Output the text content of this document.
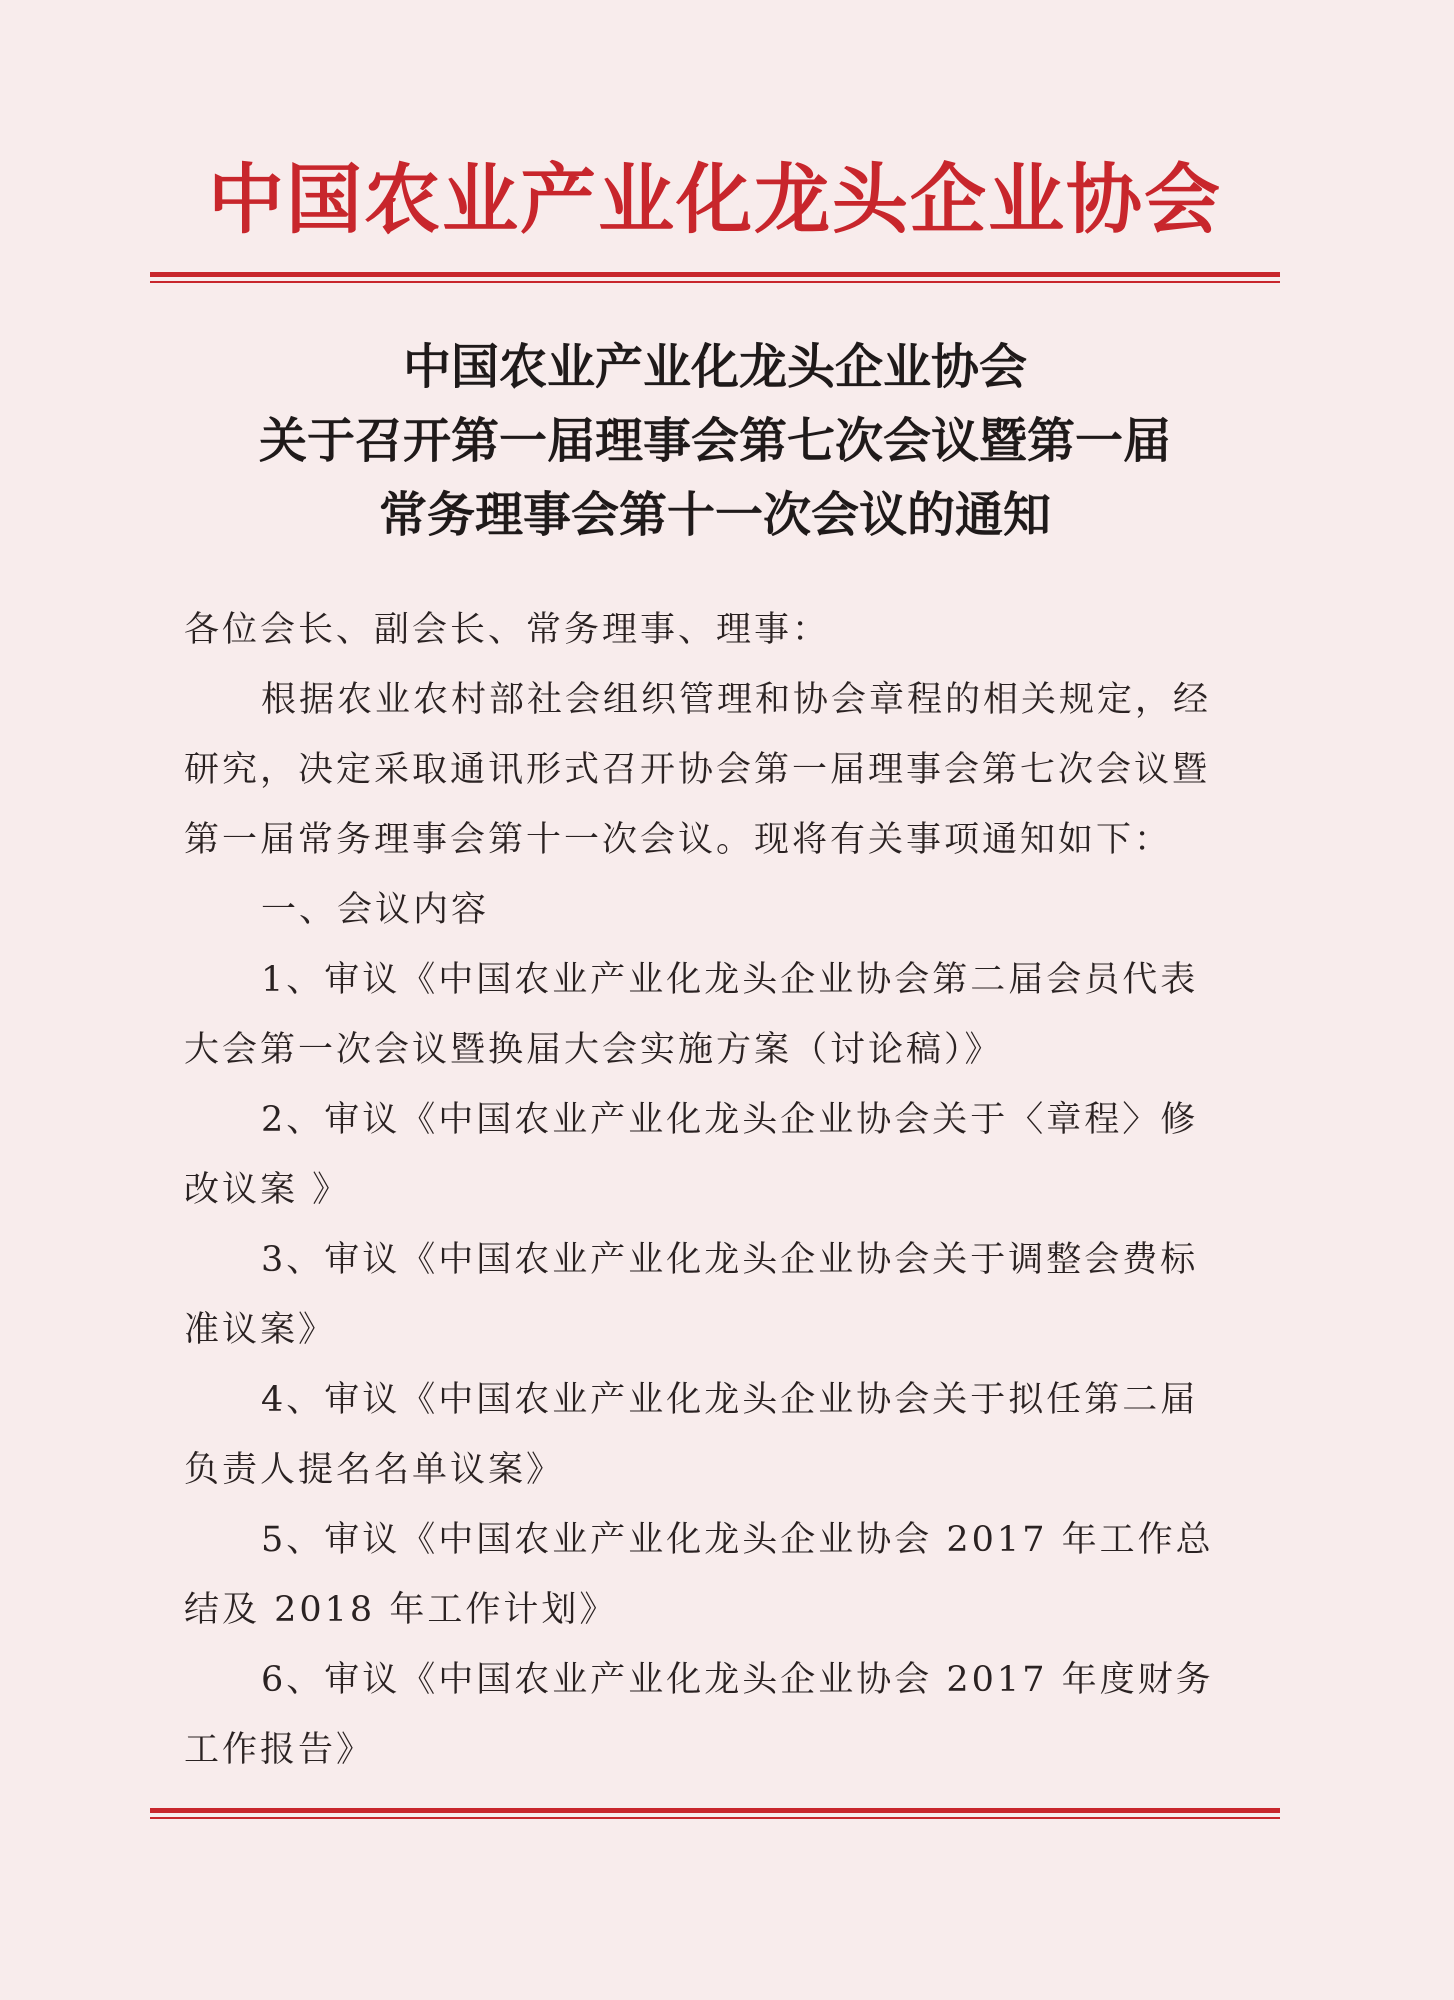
中国农业产业化龙头企业协会
中国农业产业化龙头企业协会
关于召开第一届理事会第七次会议暨第一届
常务理事会第十一次会议的通知

各位会长、副会长、常务理事、理事：

根据农业农村部社会组织管理和协会章程的相关规定，经研究，决定采取通讯形式召开协会第一届理事会第七次会议暨第一届常务理事会第十一次会议。现将有关事项通知如下：

一、会议内容

1、审议《中国农业产业化龙头企业协会第二届会员代表大会第一次会议暨换届大会实施方案（讨论稿）》

2、审议《中国农业产业化龙头企业协会关于〈章程〉修改议案 》

3、审议《中国农业产业化龙头企业协会关于调整会费标准议案》

4、审议《中国农业产业化龙头企业协会关于拟任第二届负责人提名名单议案》

5、审议《中国农业产业化龙头企业协会 2017 年工作总结及 2018 年工作计划》

6、审议《中国农业产业化龙头企业协会 2017 年度财务工作报告》
